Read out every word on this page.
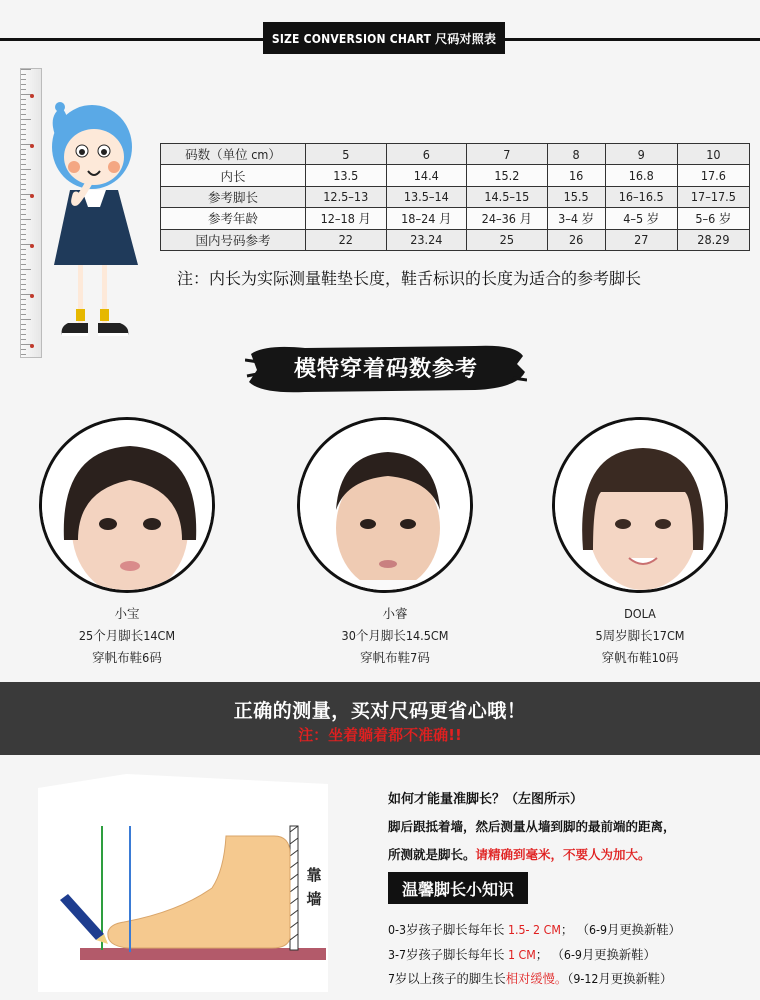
SIZE CONVERSION CHART 尺码对照表
码数（单位 cm）	5	6	7	8	9	10
内长	13.5	14.4	15.2	16	16.8	17.6
参考脚长	12.5–13	13.5–14	14.5–15	15.5	16–16.5	17–17.5
参考年龄	12–18 月	18–24 月	24–36 月	3–4 岁	4–5 岁	5–6 岁
国内号码参考	22	23.24	25	26	27	28.29
注：内长为实际测量鞋垫长度，鞋舌标识的长度为适合的参考脚长
模特穿着码数参考
小宝
25个月脚长14CM
穿帆布鞋6码
小睿
30个月脚长14.5CM
穿帆布鞋7码
DOLA
5周岁脚长17CM
穿帆布鞋10码
正确的测量，买对尺码更省心哦！
注：坐着躺着都不准确!!
靠
墙
如何才能量准脚长？（左图所示）
脚后跟抵着墙，然后测量从墙到脚的最前端的距离，
所测就是脚长。请精确到毫米，不要人为加大。
温馨脚长小知识
0-3岁孩子脚长每年长 1.5- 2 CM； （6-9月更换新鞋）
3-7岁孩子脚长每年长 1 CM； （6-9月更换新鞋）
7岁以上孩子的脚生长相对缓慢。（9-12月更换新鞋）
